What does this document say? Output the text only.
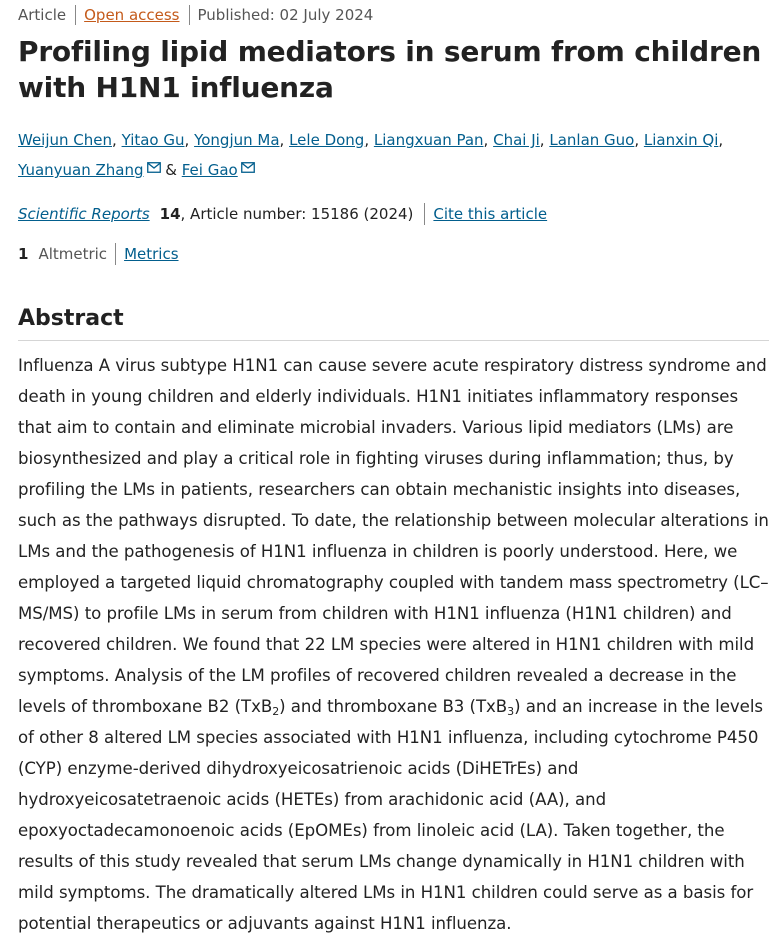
Article Open access Published: 02 July 2024
Profiling lipid mediators in serum from children with H1N1 influenza
Weijun Chen, Yitao Gu, Yongjun Ma, Lele Dong, Liangxuan Pan, Chai Ji, Lanlan Guo, Lianxin Qi, Yuanyuan Zhang & Fei Gao
Scientific Reports 14 , Article number: 15186 (2024) Cite this article
1 Altmetric Metrics
Abstract

Influenza A virus subtype H1N1 can cause severe acute respiratory distress syndrome and death in young children and elderly individuals. H1N1 initiates inflammatory responses that aim to contain and eliminate microbial invaders. Various lipid mediators (LMs) are biosynthesized and play a critical role in fighting viruses during inflammation; thus, by profiling the LMs in patients, researchers can obtain mechanistic insights into diseases, such as the pathways disrupted. To date, the relationship between molecular alterations in LMs and the pathogenesis of H1N1 influenza in children is poorly understood. Here, we employed a targeted liquid chromatography coupled with tandem mass spectrometry (LC–MS/MS) to profile LMs in serum from children with H1N1 influenza (H1N1 children) and recovered children. We found that 22 LM species were altered in H1N1 children with mild symptoms. Analysis of the LM profiles of recovered children revealed a decrease in the levels of thromboxane B2 (TxB$_2$) and thromboxane B3 (TxB$_3$) and an increase in the levels of other 8 altered LM species associated with H1N1 influenza, including cytochrome P450 (CYP) enzyme-derived dihydroxyeicosatrienoic acids (DiHETrEs) and hydroxyeicosatetraenoic acids (HETEs) from arachidonic acid (AA), and epoxyoctadecamonoenoic acids (EpOMEs) from linoleic acid (LA). Taken together, the results of this study revealed that serum LMs change dynamically in H1N1 children with mild symptoms. The dramatically altered LMs in H1N1 children could serve as a basis for potential therapeutics or adjuvants against H1N1 influenza.
